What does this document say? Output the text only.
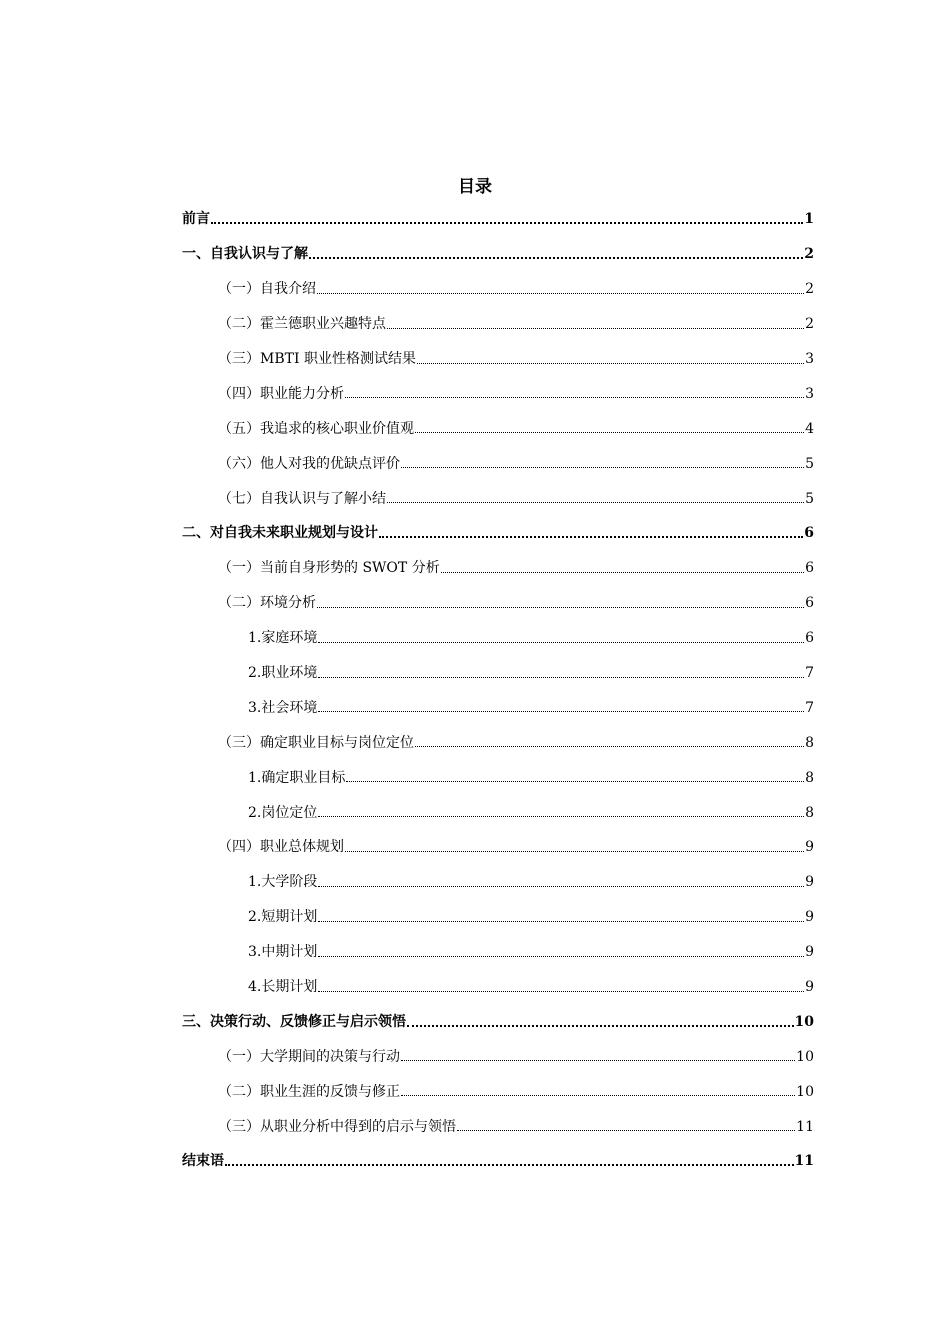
目录
前言	1
一、自我认识与了解	2
（一）自我介绍	2
（二）霍兰德职业兴趣特点	2
（三）MBTI 职业性格测试结果	3
（四）职业能力分析	3
（五）我追求的核心职业价值观	4
（六）他人对我的优缺点评价	5
（七）自我认识与了解小结	5
二、对自我未来职业规划与设计	6
（一）当前自身形势的 SWOT 分析	6
（二）环境分析	6
1.家庭环境	6
2.职业环境	7
3.社会环境	7
（三）确定职业目标与岗位定位	8
1.确定职业目标	8
2.岗位定位	8
（四）职业总体规划	9
1.大学阶段	9
2.短期计划	9
3.中期计划	9
4.长期计划	9
三、决策行动、反馈修正与启示领悟	10
（一）大学期间的决策与行动	10
（二）职业生涯的反馈与修正	10
（三）从职业分析中得到的启示与领悟	11
结束语	11
